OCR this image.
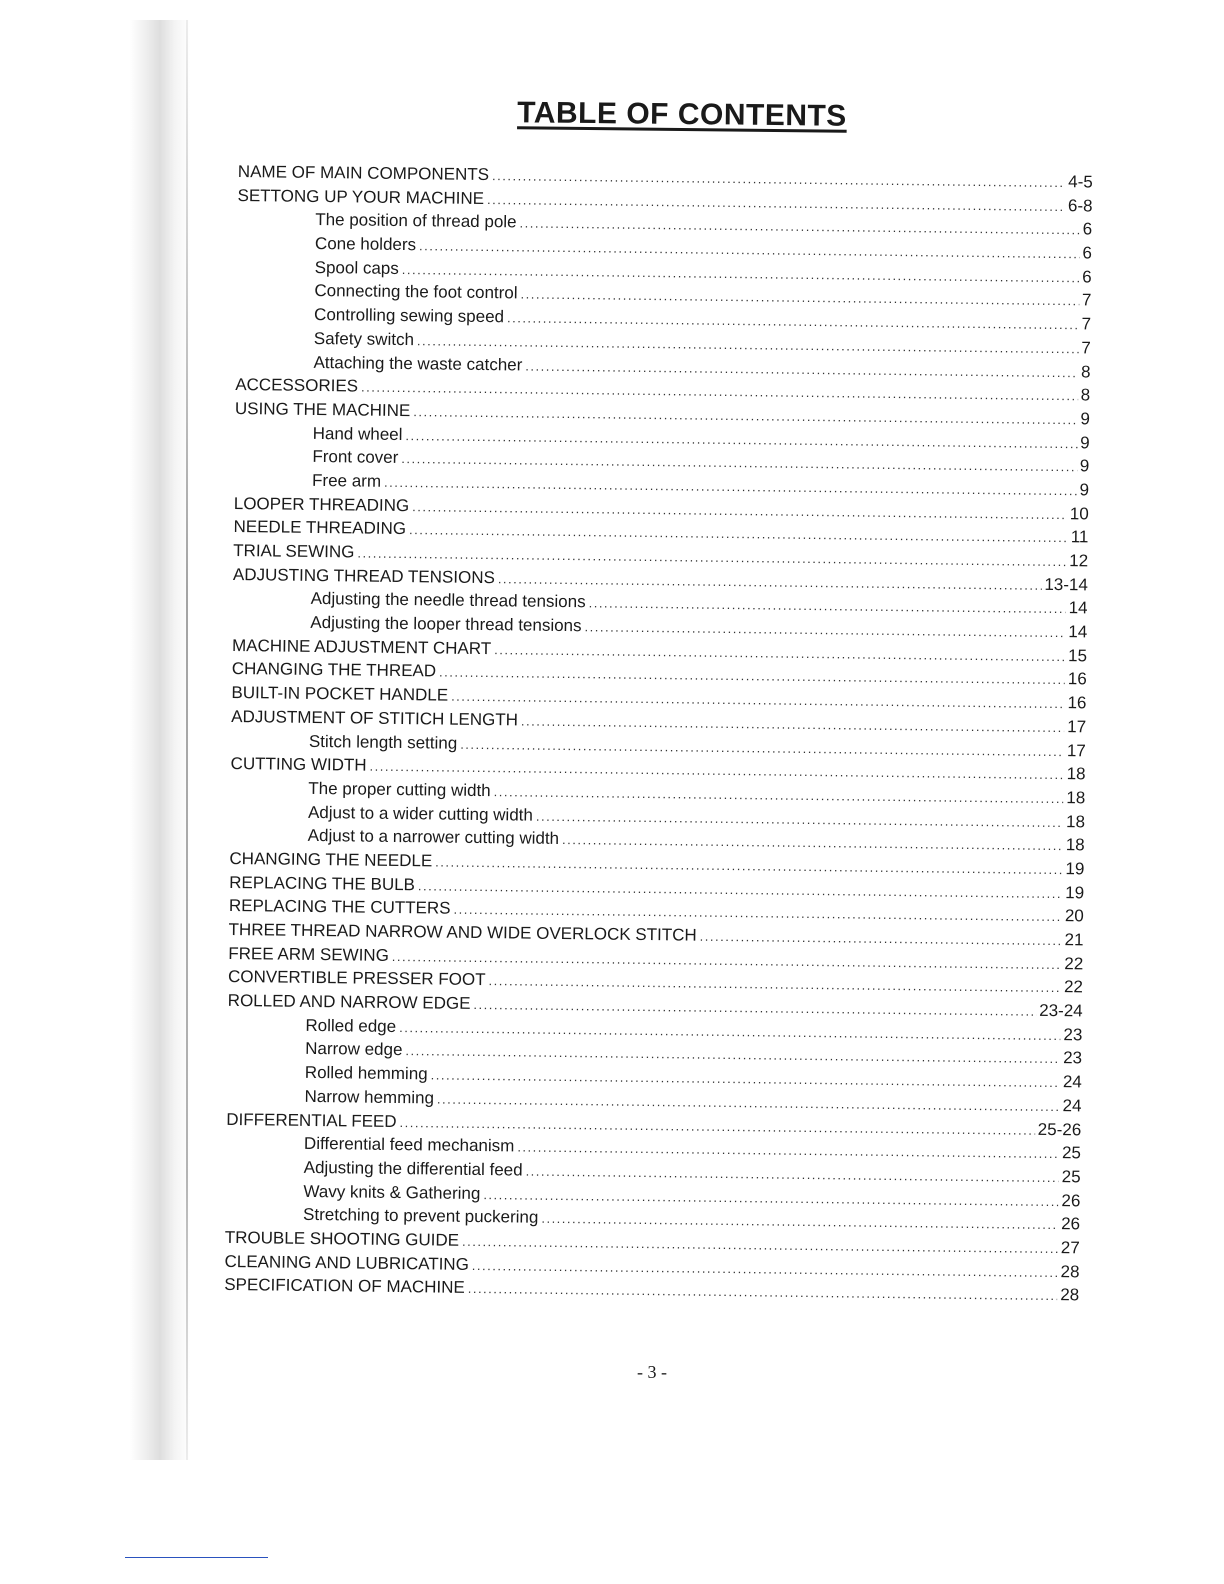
TABLE OF CONTENTS
NAME OF MAIN COMPONENTS .....	4-5
SETTONG UP YOUR MACHINE .....	6-8
The position of thread pole .....	6
Cone holders .....	6
Spool caps .....	6
Connecting the foot control .....	7
Controlling sewing speed .....	7
Safety switch .....	7
Attaching the waste catcher .....	8
ACCESSORIES .....	8
USING THE MACHINE .....	9
Hand wheel .....	9
Front cover .....	9
Free arm .....	9
LOOPER THREADING .....	10
NEEDLE THREADING .....	11
TRIAL SEWING .....	12
ADJUSTING THREAD TENSIONS .....	13-14
Adjusting the needle thread tensions .....	14
Adjusting the looper thread tensions .....	14
MACHINE ADJUSTMENT CHART .....	15
CHANGING THE THREAD .....	16
BUILT-IN POCKET HANDLE .....	16
ADJUSTMENT OF STITICH LENGTH .....	17
Stitch length setting .....	17
CUTTING WIDTH .....	18
The proper cutting width .....	18
Adjust to a wider cutting width .....	18
Adjust to a narrower cutting width .....	18
CHANGING THE NEEDLE .....	19
REPLACING THE BULB .....	19
REPLACING THE CUTTERS .....	20
THREE THREAD NARROW AND WIDE OVERLOCK STITCH .....	21
FREE ARM SEWING .....	22
CONVERTIBLE PRESSER FOOT .....	22
ROLLED AND NARROW EDGE .....	23-24
Rolled edge .....	23
Narrow edge .....	23
Rolled hemming .....	24
Narrow hemming .....	24
DIFFERENTIAL FEED .....	25-26
Differential feed mechanism .....	25
Adjusting the differential feed .....	25
Wavy knits & Gathering .....	26
Stretching to prevent puckering .....	26
TROUBLE SHOOTING GUIDE .....	27
CLEANING AND LUBRICATING .....	28
SPECIFICATION OF MACHINE .....	28
- 3 -
